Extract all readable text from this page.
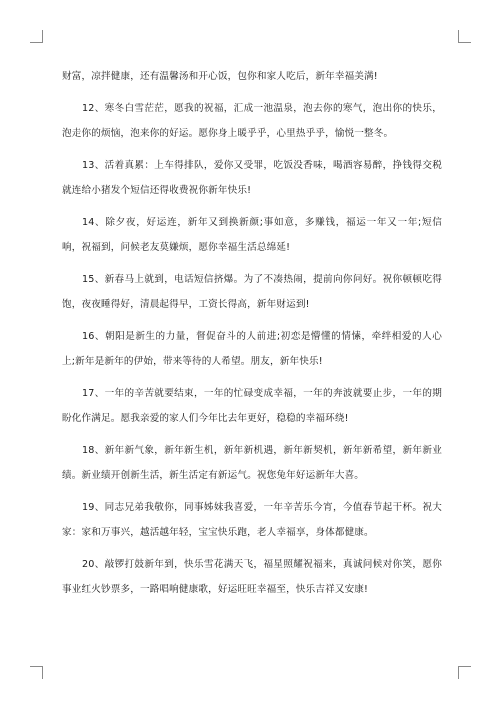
财富，凉拌健康，还有温馨汤和开心饭，包你和家人吃后，新年幸福美满!

12、寒冬白雪茫茫，愿我的祝福，汇成一池温泉，泡去你的寒气，泡出你的快乐，泡走你的烦恼，泡来你的好运。愿你身上暖乎乎，心里热乎乎，愉悦一整冬。

13、活着真累：上车得排队，爱你又受罪，吃饭没香味，喝酒容易醉，挣钱得交税就连给小猪发个短信还得收费祝你新年快乐!

14、除夕夜，好运连，新年又到换新颜;事如意，多赚钱，福运一年又一年;短信响，祝福到，问候老友莫嫌烦，愿你幸福生活总绵延!

15、新春马上就到，电话短信挤爆。为了不凑热闹，提前向你问好。祝你顿顿吃得饱，夜夜睡得好，清晨起得早，工资长得高，新年财运到!

16、朝阳是新生的力量，督促奋斗的人前进;初恋是懵懂的情愫，牵绊相爱的人心上;新年是新年的伊始，带来等待的人希望。朋友，新年快乐!

17、一年的辛苦就要结束，一年的忙碌变成幸福，一年的奔波就要止步，一年的期盼化作满足。愿我亲爱的家人们今年比去年更好，稳稳的幸福环绕!

18、新年新气象，新年新生机，新年新机遇，新年新契机，新年新希望，新年新业绩。新业绩开创新生活，新生活定有新运气。祝您兔年好运新年大喜。

19、同志兄弟我敬你，同事姊妹我喜爱，一年辛苦乐今宵，今值春节起干杯。祝大家：家和万事兴，越活越年轻，宝宝快乐跑，老人幸福享，身体都健康。

20、敲锣打鼓新年到，快乐雪花满天飞，福星照耀祝福来，真诚问候对你笑，愿你事业红火钞票多，一路唱响健康歌，好运旺旺幸福至，快乐吉祥又安康!
